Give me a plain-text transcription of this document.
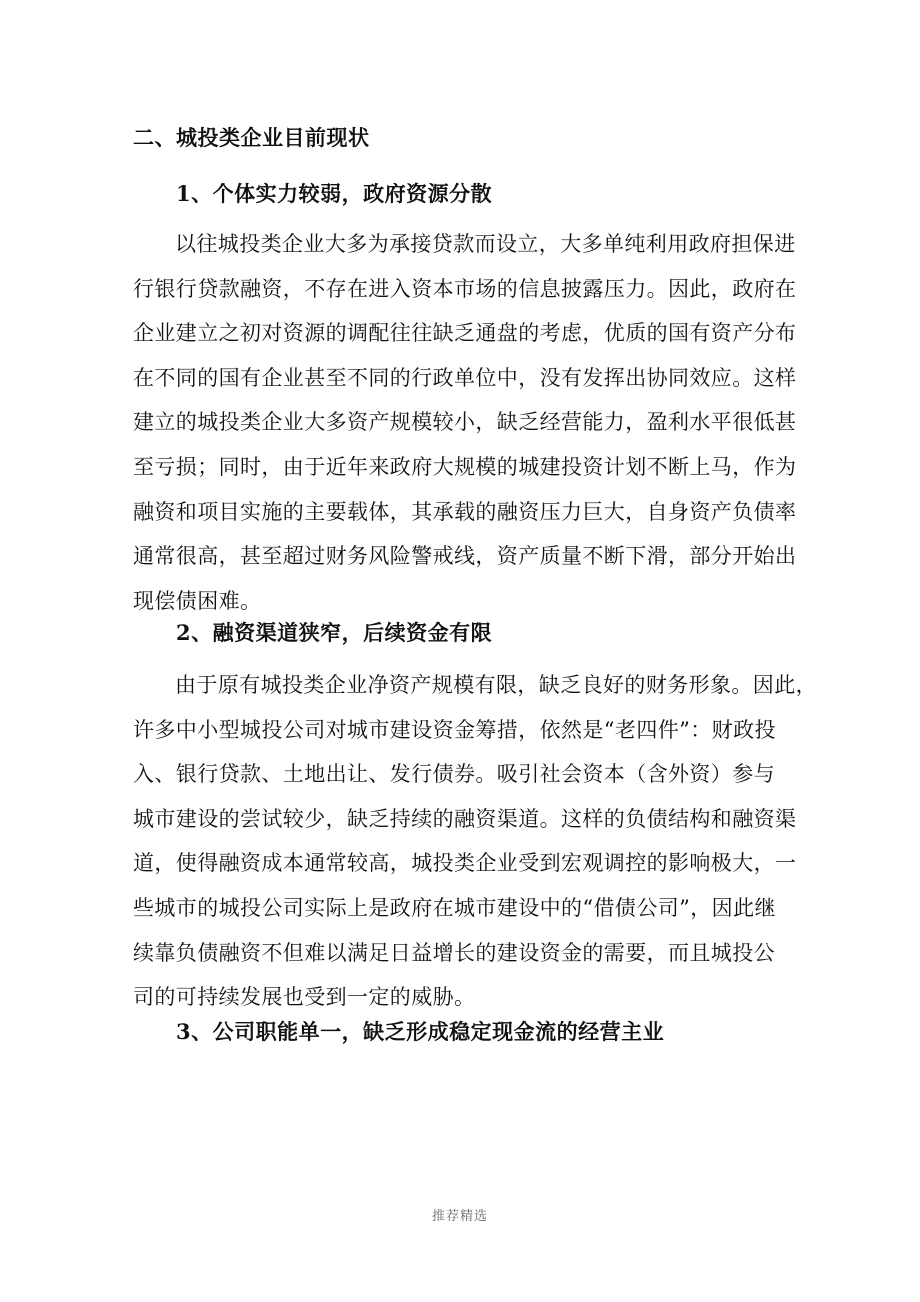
二、城投类企业目前现状
1、个体实力较弱，政府资源分散

以往城投类企业大多为承接贷款而设立，大多单纯利用政府担保进
行银行贷款融资，不存在进入资本市场的信息披露压力。因此，政府在
企业建立之初对资源的调配往往缺乏通盘的考虑，优质的国有资产分布
在不同的国有企业甚至不同的行政单位中，没有发挥出协同效应。这样
建立的城投类企业大多资产规模较小，缺乏经营能力，盈利水平很低甚
至亏损；同时，由于近年来政府大规模的城建投资计划不断上马，作为
融资和项目实施的主要载体，其承载的融资压力巨大，自身资产负债率
通常很高，甚至超过财务风险警戒线，资产质量不断下滑，部分开始出
现偿债困难。

2、融资渠道狭窄，后续资金有限

由于原有城投类企业净资产规模有限，缺乏良好的财务形象。因此，
许多中小型城投公司对城市建设资金筹措，依然是“老四件”：财政投
入、银行贷款、土地出让、发行债券。吸引社会资本（含外资）参与
城市建设的尝试较少，缺乏持续的融资渠道。这样的负债结构和融资渠
道，使得融资成本通常较高，城投类企业受到宏观调控的影响极大，一
些城市的城投公司实际上是政府在城市建设中的“借债公司”，因此继
续靠负债融资不但难以满足日益增长的建设资金的需要，而且城投公
司的可持续发展也受到一定的威胁。

3、公司职能单一，缺乏形成稳定现金流的经营主业
推荐精选
